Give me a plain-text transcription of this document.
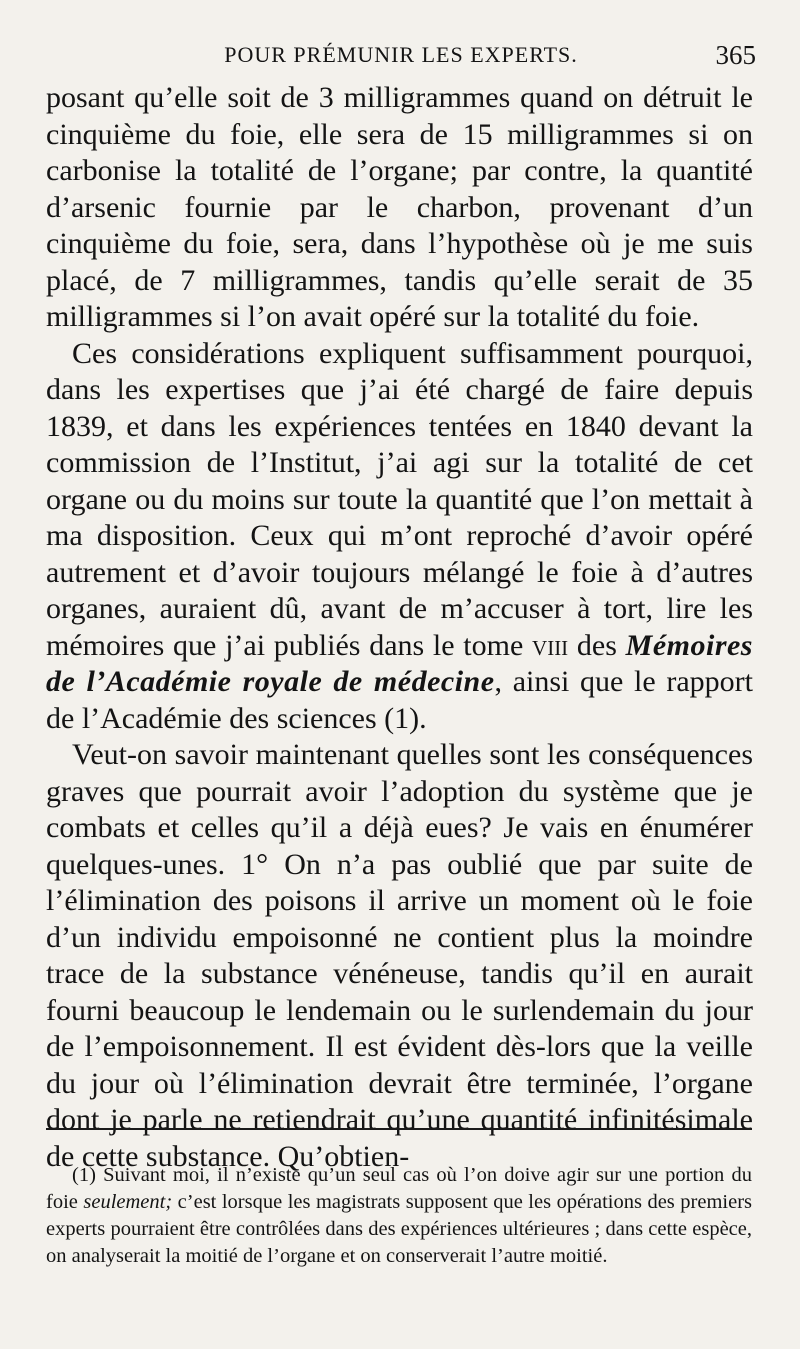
POUR PRÉMUNIR LES EXPERTS.	365

posant qu’elle soit de 3 milligrammes quand on détruit le cinquième du foie, elle sera de 15 milligrammes si on carbonise la totalité de l’organe; par contre, la quantité d’arsenic fournie par le charbon, provenant d’un cinquième du foie, sera, dans l’hypothèse où je me suis placé, de 7 milligrammes, tandis qu’elle serait de 35 milligrammes si l’on avait opéré sur la totalité du foie.

Ces considérations expliquent suffisamment pourquoi, dans les expertises que j’ai été chargé de faire depuis 1839, et dans les expériences tentées en 1840 devant la commission de l’Institut, j’ai agi sur la totalité de cet organe ou du moins sur toute la quantité que l’on mettait à ma disposition. Ceux qui m’ont reproché d’avoir opéré autrement et d’avoir toujours mélangé le foie à d’autres organes, auraient dû, avant de m’accuser à tort, lire les mémoires que j’ai publiés dans le tome viii des Mémoires de l’Académie royale de médecine, ainsi que le rapport de l’Académie des sciences (1).

Veut-on savoir maintenant quelles sont les conséquences graves que pourrait avoir l’adoption du système que je combats et celles qu’il a déjà eues? Je vais en énumérer quelques-unes. 1° On n’a pas oublié que par suite de l’élimination des poisons il arrive un moment où le foie d’un individu empoisonné ne contient plus la moindre trace de la substance vénéneuse, tandis qu’il en aurait fourni beaucoup le lendemain ou le surlendemain du jour de l’empoisonnement. Il est évident dès-lors que la veille du jour où l’élimination devrait être terminée, l’organe dont je parle ne retiendrait qu’une quantité infinitésimale de cette substance. Qu’obtien-

(1) Suivant moi, il n’existe qu’un seul cas où l’on doive agir sur une portion du foie seulement; c’est lorsque les magistrats supposent que les opérations des premiers experts pourraient être contrôlées dans des expériences ultérieures ; dans cette espèce, on analyserait la moitié de l’organe et on conserverait l’autre moitié.
